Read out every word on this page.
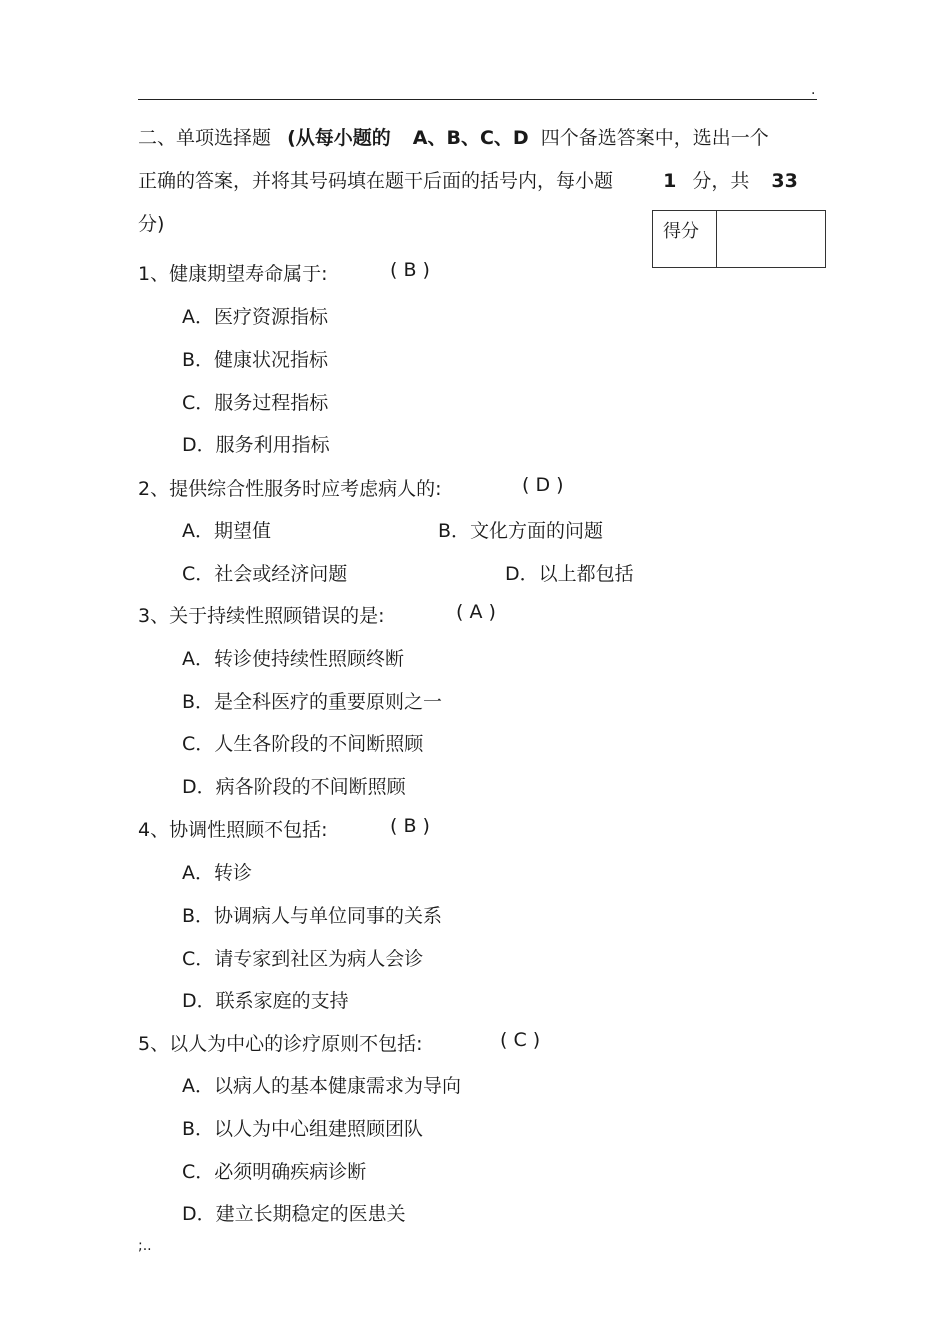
.
二、单项选择题 (从每小题的 A、B、C、D 四个备选答案中，选出一个
正确的答案，并将其号码填在题干后面的括号内，每小题	1 分，共 33
分)	得分
1、健康期望寿命属于:	( B )
A．医疗资源指标
B．健康状况指标
C．服务过程指标
D．服务利用指标
2、提供综合性服务时应考虑病人的:	( D )
A．期望值	B．文化方面的问题
C．社会或经济问题	D．以上都包括
3、关于持续性照顾错误的是:	( A )
A．转诊使持续性照顾终断
B．是全科医疗的重要原则之一
C．人生各阶段的不间断照顾
D．病各阶段的不间断照顾
4、协调性照顾不包括:	( B )
A．转诊
B．协调病人与单位同事的关系
C．请专家到社区为病人会诊
D．联系家庭的支持
5、以人为中心的诊疗原则不包括:	( C )
A．以病人的基本健康需求为导向
B．以人为中心组建照顾团队
C．必须明确疾病诊断
D．建立长期稳定的医患关
;..
